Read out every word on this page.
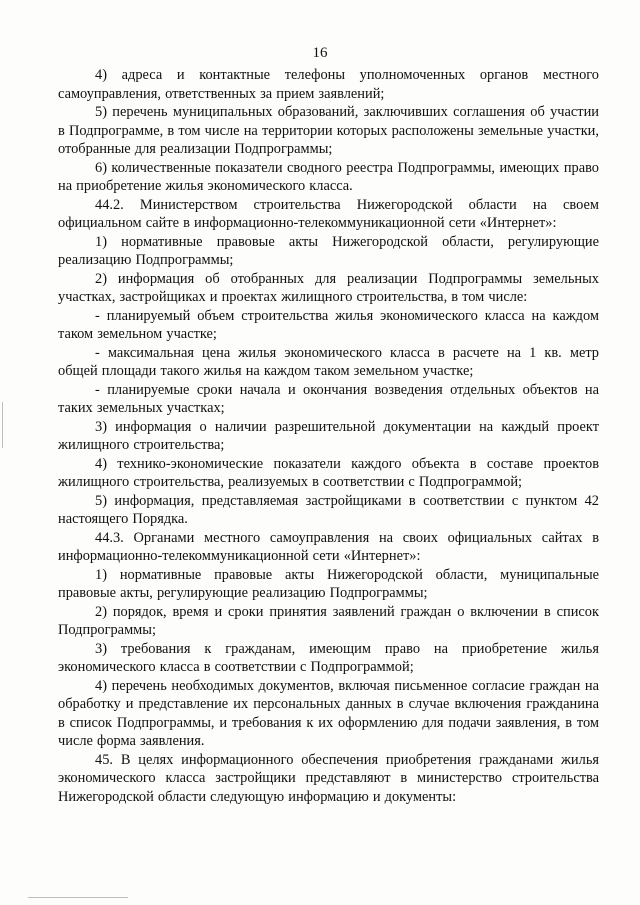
16

4) адреса и контактные телефоны уполномоченных органов местного самоуправления, ответственных за прием заявлений;

5) перечень муниципальных образований, заключивших соглашения об участии в Подпрограмме, в том числе на территории которых расположены земельные участки, отобранные для реализации Подпрограммы;

6) количественные показатели сводного реестра Подпрограммы, имеющих право на приобретение жилья экономического класса.

44.2. Министерством строительства Нижегородской области на своем официальном сайте в информационно-телекоммуникационной сети «Интернет»:

1) нормативные правовые акты Нижегородской области, регулирующие реализацию Подпрограммы;

2) информация об отобранных для реализации Подпрограммы земельных участках, застройщиках и проектах жилищного строительства, в том числе:

- планируемый объем строительства жилья экономического класса на каждом таком земельном участке;

- максимальная цена жилья экономического класса в расчете на 1 кв. метр общей площади такого жилья на каждом таком земельном участке;

- планируемые сроки начала и окончания возведения отдельных объектов на таких земельных участках;

3) информация о наличии разрешительной документации на каждый проект жилищного строительства;

4) технико-экономические показатели каждого объекта в составе проектов жилищного строительства, реализуемых в соответствии с Подпрограммой;

5) информация, представляемая застройщиками в соответствии с пунктом 42 настоящего Порядка.

44.3. Органами местного самоуправления на своих официальных сайтах в информационно-телекоммуникационной сети «Интернет»:

1) нормативные правовые акты Нижегородской области, муниципальные правовые акты, регулирующие реализацию Подпрограммы;

2) порядок, время и сроки принятия заявлений граждан о включении в список Подпрограммы;

3) требования к гражданам, имеющим право на приобретение жилья экономического класса в соответствии с Подпрограммой;

4) перечень необходимых документов, включая письменное согласие граждан на обработку и представление их персональных данных в случае включения гражданина в список Подпрограммы, и требования к их оформлению для подачи заявления, в том числе форма заявления.

45. В целях информационного обеспечения приобретения гражданами жилья экономического класса застройщики представляют в министерство строительства Нижегородской области следующую информацию и документы:
